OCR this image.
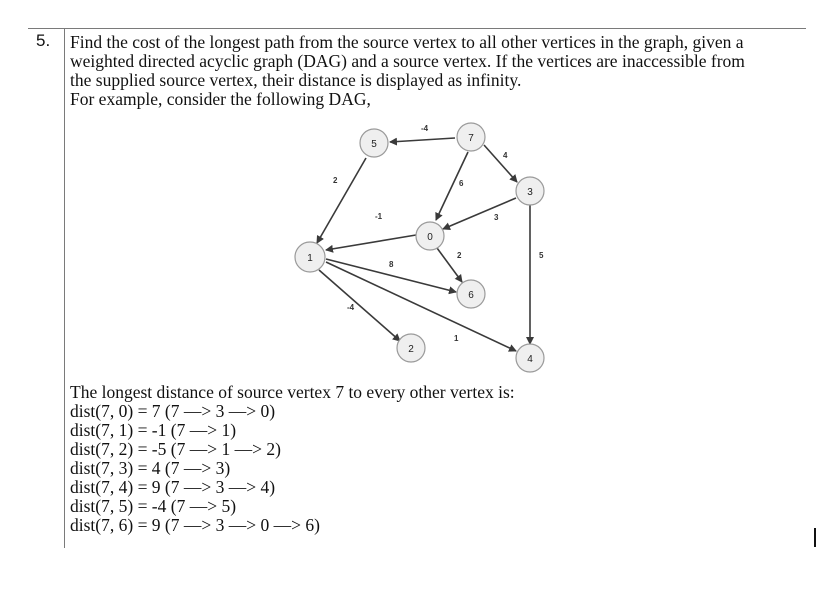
5. Find the cost of the longest path from the source vertex to all other vertices in the graph, given a
weighted directed acyclic graph (DAG) and a source vertex. If the vertices are inaccessible from
the supplied source vertex, their distance is displayed as infinity.
For example, consider the following DAG,
-4
4
6
2
-1	3
2	5
8
-4
1
5
7
3
0
1
6
2
4
The longest distance of source vertex 7 to every other vertex is:
dist(7, 0) = 7 (7 —> 3 —> 0)
dist(7, 1) = -1 (7 —> 1)
dist(7, 2) = -5 (7 —> 1 —> 2)
dist(7, 3) = 4 (7 —> 3)
dist(7, 4) = 9 (7 —> 3 —> 4)
dist(7, 5) = -4 (7 —> 5)
dist(7, 6) = 9 (7 —> 3 —> 0 —> 6)
